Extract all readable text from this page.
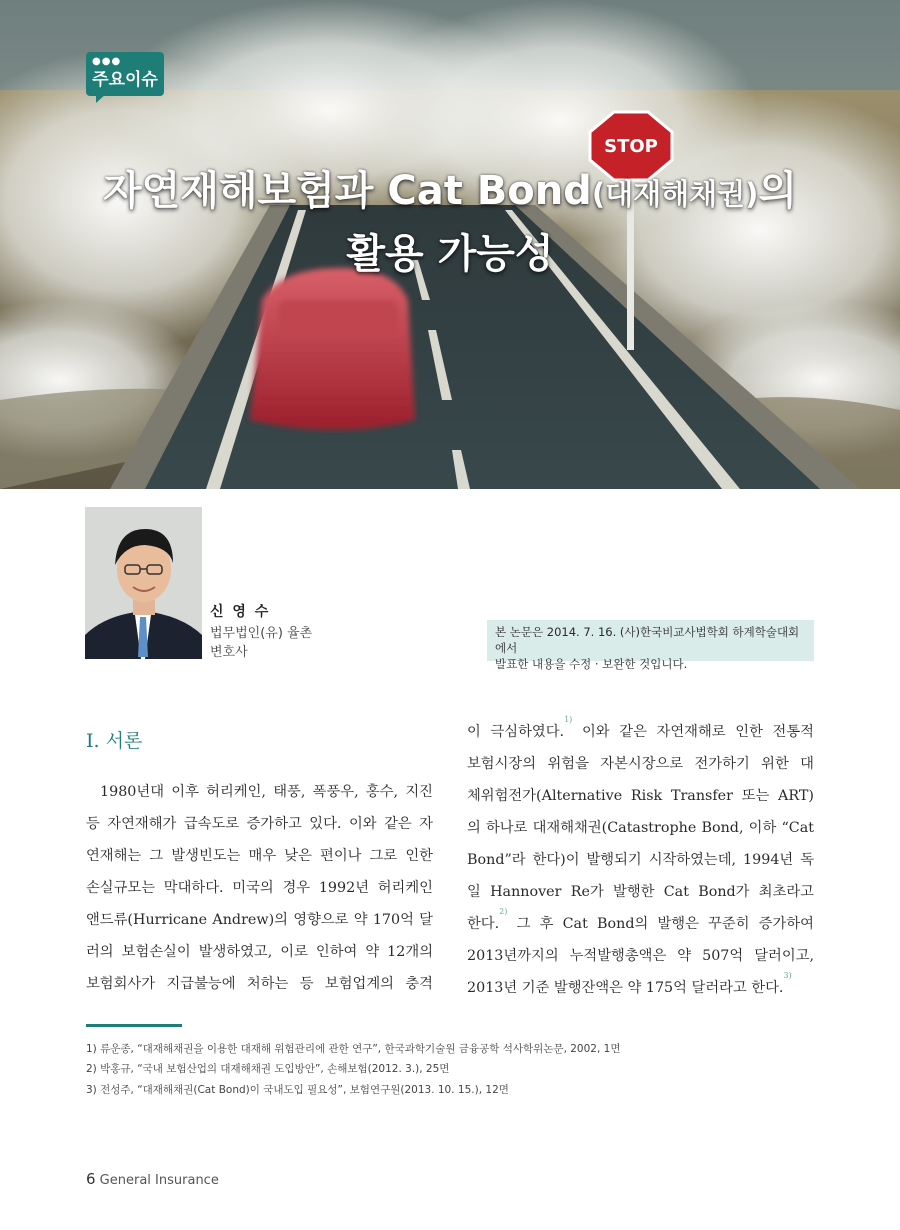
STOP
●●●
주요이슈
자연재해보험과 Cat Bond(대재해채권)의
활용 가능성
신 영 수
법무법인(유) 율촌
변호사
본 논문은 2014. 7. 16. (사)한국비교사법학회 하계학술대회에서
발표한 내용을 수정 · 보완한 것입니다.
I. 서론
1980년대 이후 허리케인, 태풍, 폭풍우, 홍수, 지진
등 자연재해가 급속도로 증가하고 있다. 이와 같은 자
연재해는 그 발생빈도는 매우 낮은 편이나 그로 인한
손실규모는 막대하다. 미국의 경우 1992년 허리케인
앤드류(Hurricane Andrew)의 영향으로 약 170억 달
러의 보험손실이 발생하였고, 이로 인하여 약 12개의
보험회사가 지급불능에 처하는 등 보험업계의 충격
이 극심하였다.$^{1)}$ 이와 같은 자연재해로 인한 전통적
보험시장의 위험을 자본시장으로 전가하기 위한 대
체위험전가(Alternative Risk Transfer 또는 ART)
의 하나로 대재해채권(Catastrophe Bond, 이하 “Cat
Bond”라 한다)이 발행되기 시작하였는데, 1994년 독
일 Hannover Re가 발행한 Cat Bond가 최초라고
한다.$^{2)}$ 그 후 Cat Bond의 발행은 꾸준히 증가하여
2013년까지의 누적발행총액은 약 507억 달러이고,
2013년 기준 발행잔액은 약 175억 달러라고 한다.$^{3)}$
1) 류운종, “대재해채권을 이용한 대재해 위험관리에 관한 연구”, 한국과학기술원 금융공학 석사학위논문, 2002, 1면
2) 박홍규, “국내 보험산업의 대재해채권 도입방안”, 손해보험(2012. 3.), 25면
3) 전성주, “대재해채권(Cat Bond)이 국내도입 필요성”, 보험연구원(2013. 10. 15.), 12면
6 General Insurance
